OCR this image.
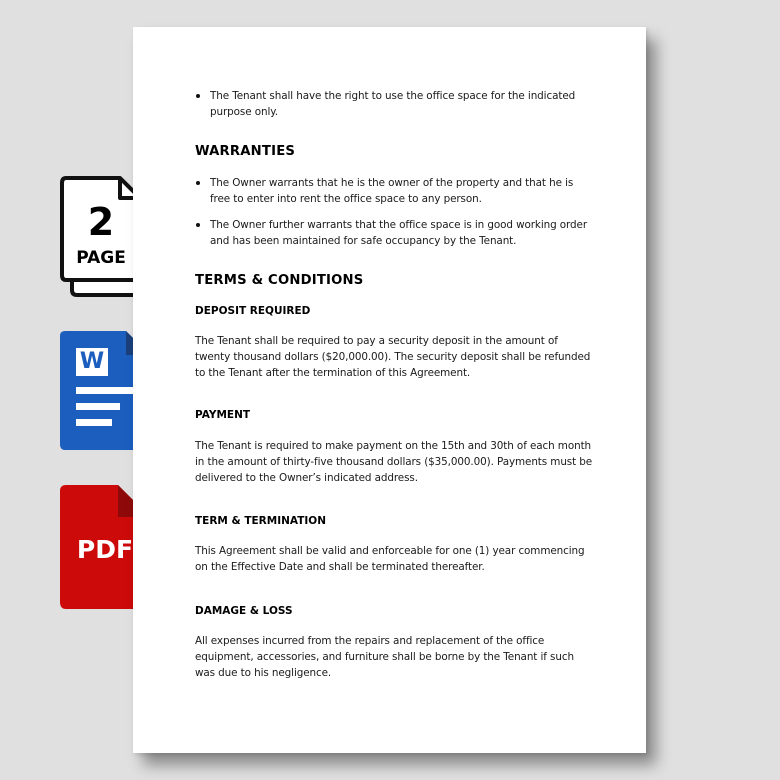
2
PAGE
W
PDF
The Tenant shall have the right to use the office space for the indicated purpose only.
WARRANTIES
The Owner warrants that he is the owner of the property and that he is free to enter into rent the office space to any person.
The Owner further warrants that the office space is in good working order and has been maintained for safe occupancy by the Tenant.
TERMS & CONDITIONS
DEPOSIT REQUIRED
The Tenant shall be required to pay a security deposit in the amount of twenty thousand dollars ($20,000.00). The security deposit shall be refunded to the Tenant after the termination of this Agreement.
PAYMENT
The Tenant is required to make payment on the 15th and 30th of each month in the amount of thirty-five thousand dollars ($35,000.00). Payments must be delivered to the Owner’s indicated address.
TERM & TERMINATION
This Agreement shall be valid and enforceable for one (1) year commencing on the Effective Date and shall be terminated thereafter.
DAMAGE & LOSS
All expenses incurred from the repairs and replacement of the office equipment, accessories, and furniture shall be borne by the Tenant if such was due to his negligence.
